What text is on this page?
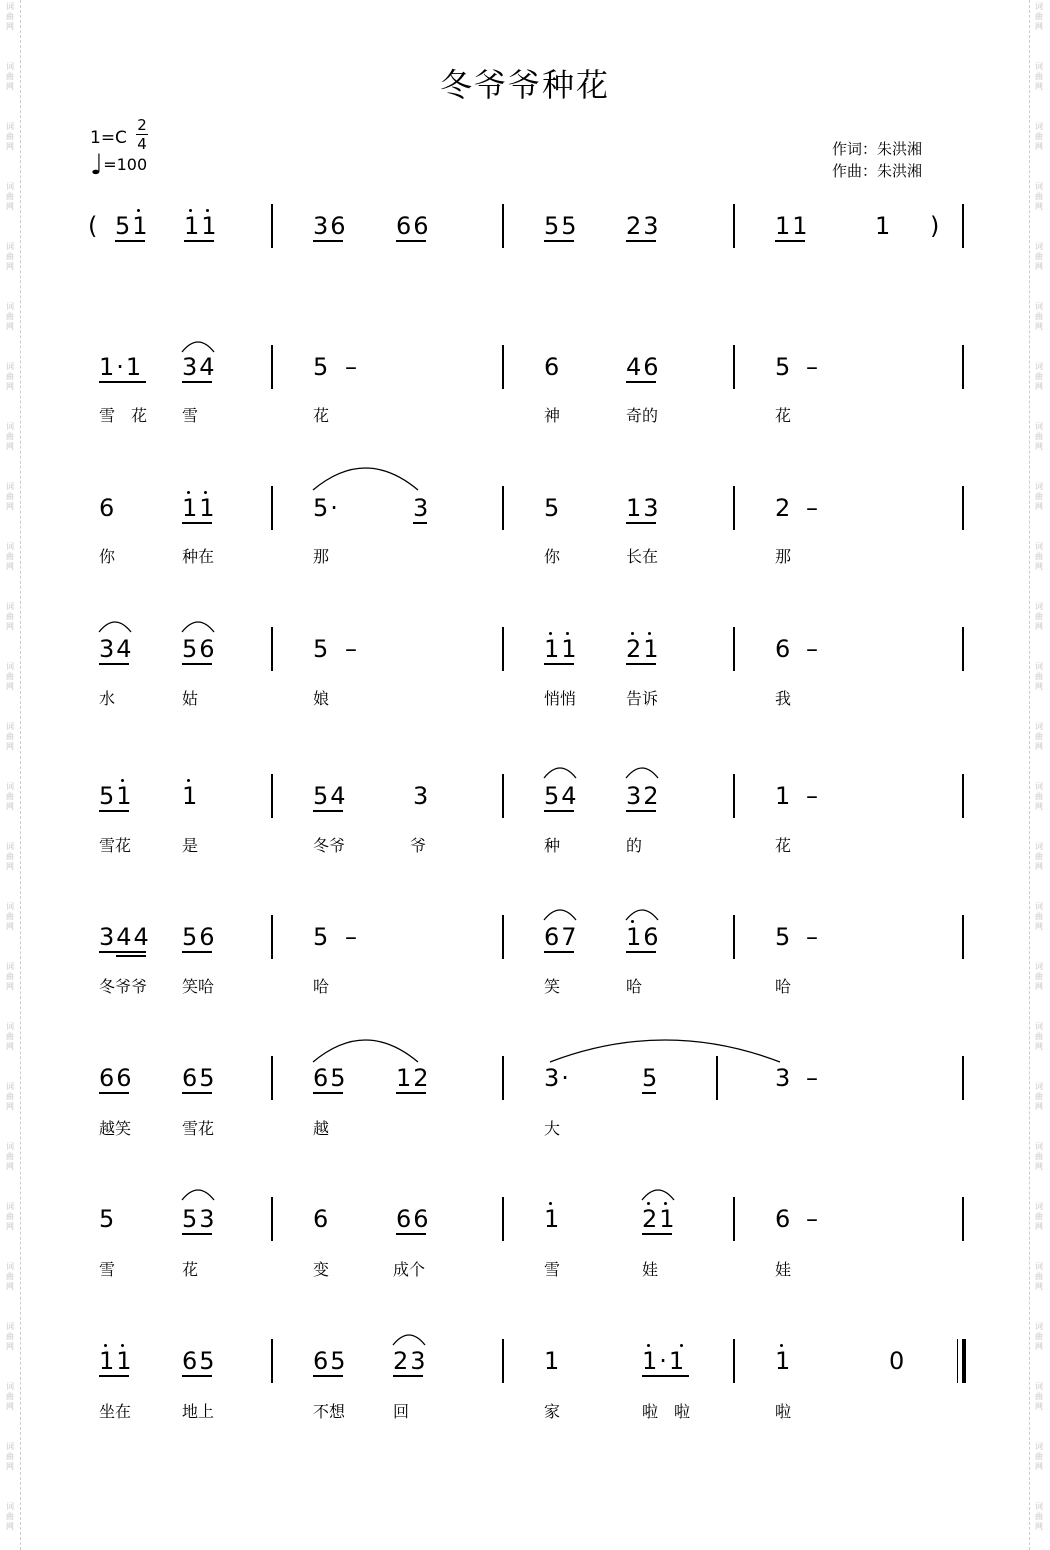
冬爷爷种花
1=C
2
4
♩=100
作词：朱洪湘
作曲：朱洪湘
51 11	36 66	55 23	11	1
1·1 34	5 –	6	46	5 –
雪　花 雪	花	神	奇的	花
6	11	5·	3	5	13	2 –
你	种在	那	你	长在	那
34 56	5 –	11 21	6 –
水	姑	娘	悄悄	告诉	我
51 1	54	3	54 32	1 –
雪花	是	冬爷	爷	种	的	花
344 56	5 –	67 16	5 –
冬爷爷 笑哈	哈	笑	哈	哈
66 65	65 12	3·	5	3 –
越笑	雪花	越	大
5	53	6	66	1	21	6 –
雪	花	变	成个	雪	娃	娃
11 65	65 23	1	1·1	1	0
坐在	地上	不想	回	家	啦　啦	啦
(	)
词
曲
网
词
曲
网
词
曲
网
词
曲
网
词
曲
网
词
曲
网
词
曲
网
词
曲
网
词
曲
网
词
曲
网
词
曲
网
词
曲
网
词
曲
网
词
曲
网
词
曲
网
词
曲
网
词
曲
网
词
曲
网
词
曲
网
词
曲
网
词
曲
网
词
曲
网
词
曲
网
词
曲
网
词
曲
网
词
曲
网
词
曲
网
词
曲
网
词
曲
网
词
曲
网
词
曲
网
词
曲
网
词
曲
网
词
曲
网
词
曲
网
词
曲
网
词
曲
网
词
曲
网
词
曲
网
词
曲
网
词
曲
网
词
曲
网
词
曲
网
词
曲
网
词
曲
网
词
曲
网
词
曲
网
词
曲
网
词
曲
网
词
曲
网
词
曲
网
词
曲
网
